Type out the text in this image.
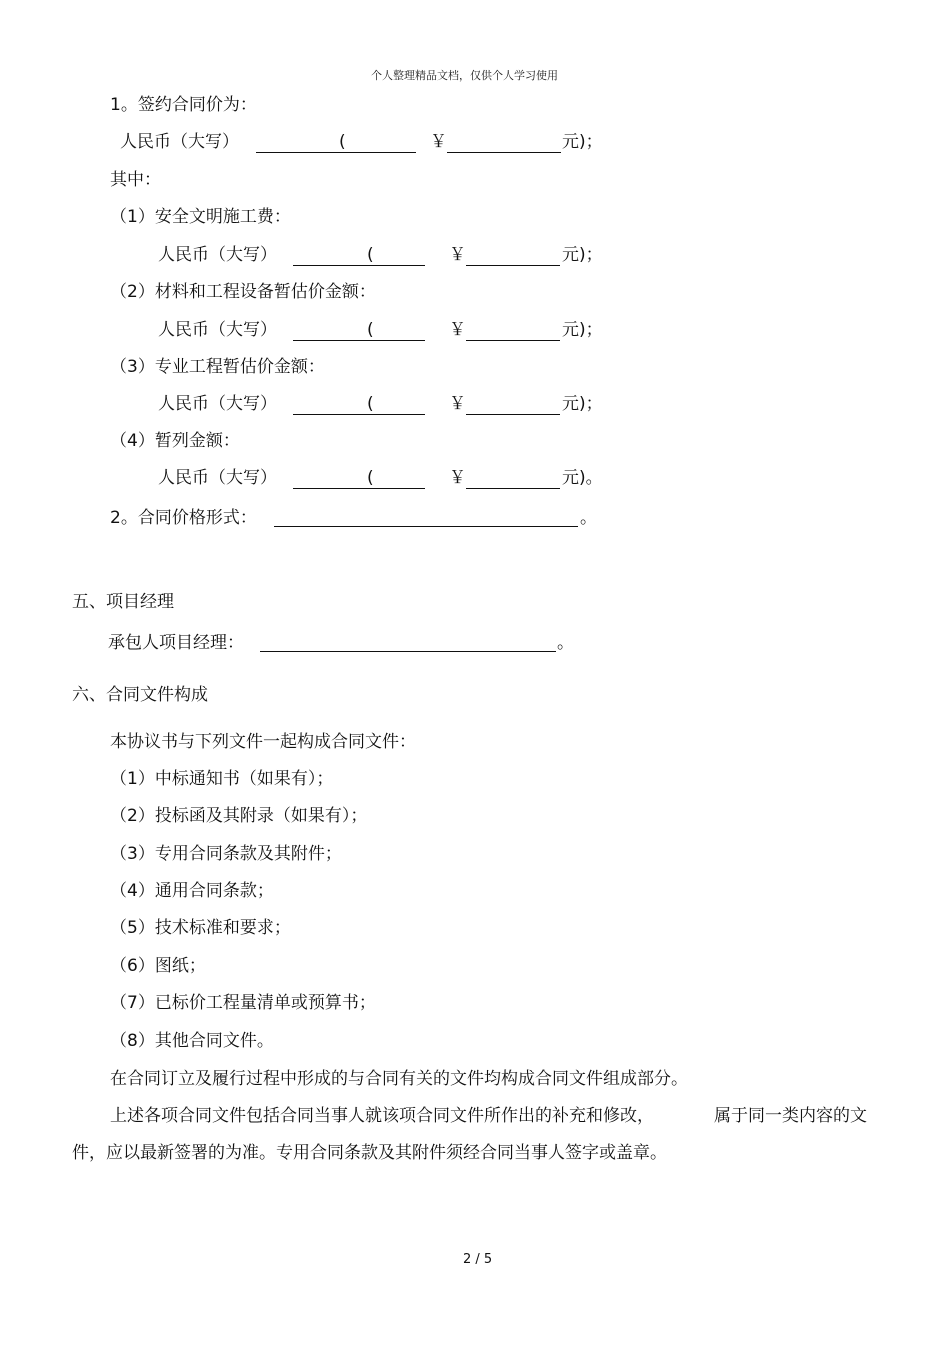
个人整理精品文档，仅供个人学习使用
1。签约合同价为：
人民币（大写）	(	￥	元)；
其中：
（1）安全文明施工费：
人民币（大写）	(	￥	元)；
（2）材料和工程设备暂估价金额：
人民币（大写）	(	￥	元)；
（3）专业工程暂估价金额：
人民币（大写）	(	￥	元)；
（4）暂列金额：
人民币（大写）	(	￥	元)。
2。合同价格形式：	。
五、项目经理
承包人项目经理：	。
六、合同文件构成
本协议书与下列文件一起构成合同文件：
（1）中标通知书（如果有）；
（2）投标函及其附录（如果有）；
（3）专用合同条款及其附件；
（4）通用合同条款；
（5）技术标准和要求；
（6）图纸；
（7）已标价工程量清单或预算书；
（8）其他合同文件。
在合同订立及履行过程中形成的与合同有关的文件均构成合同文件组成部分。
上述各项合同文件包括合同当事人就该项合同文件所作出的补充和修改，	属于同一类内容的文
件，应以最新签署的为准。专用合同条款及其附件须经合同当事人签字或盖章。
2 / 5
